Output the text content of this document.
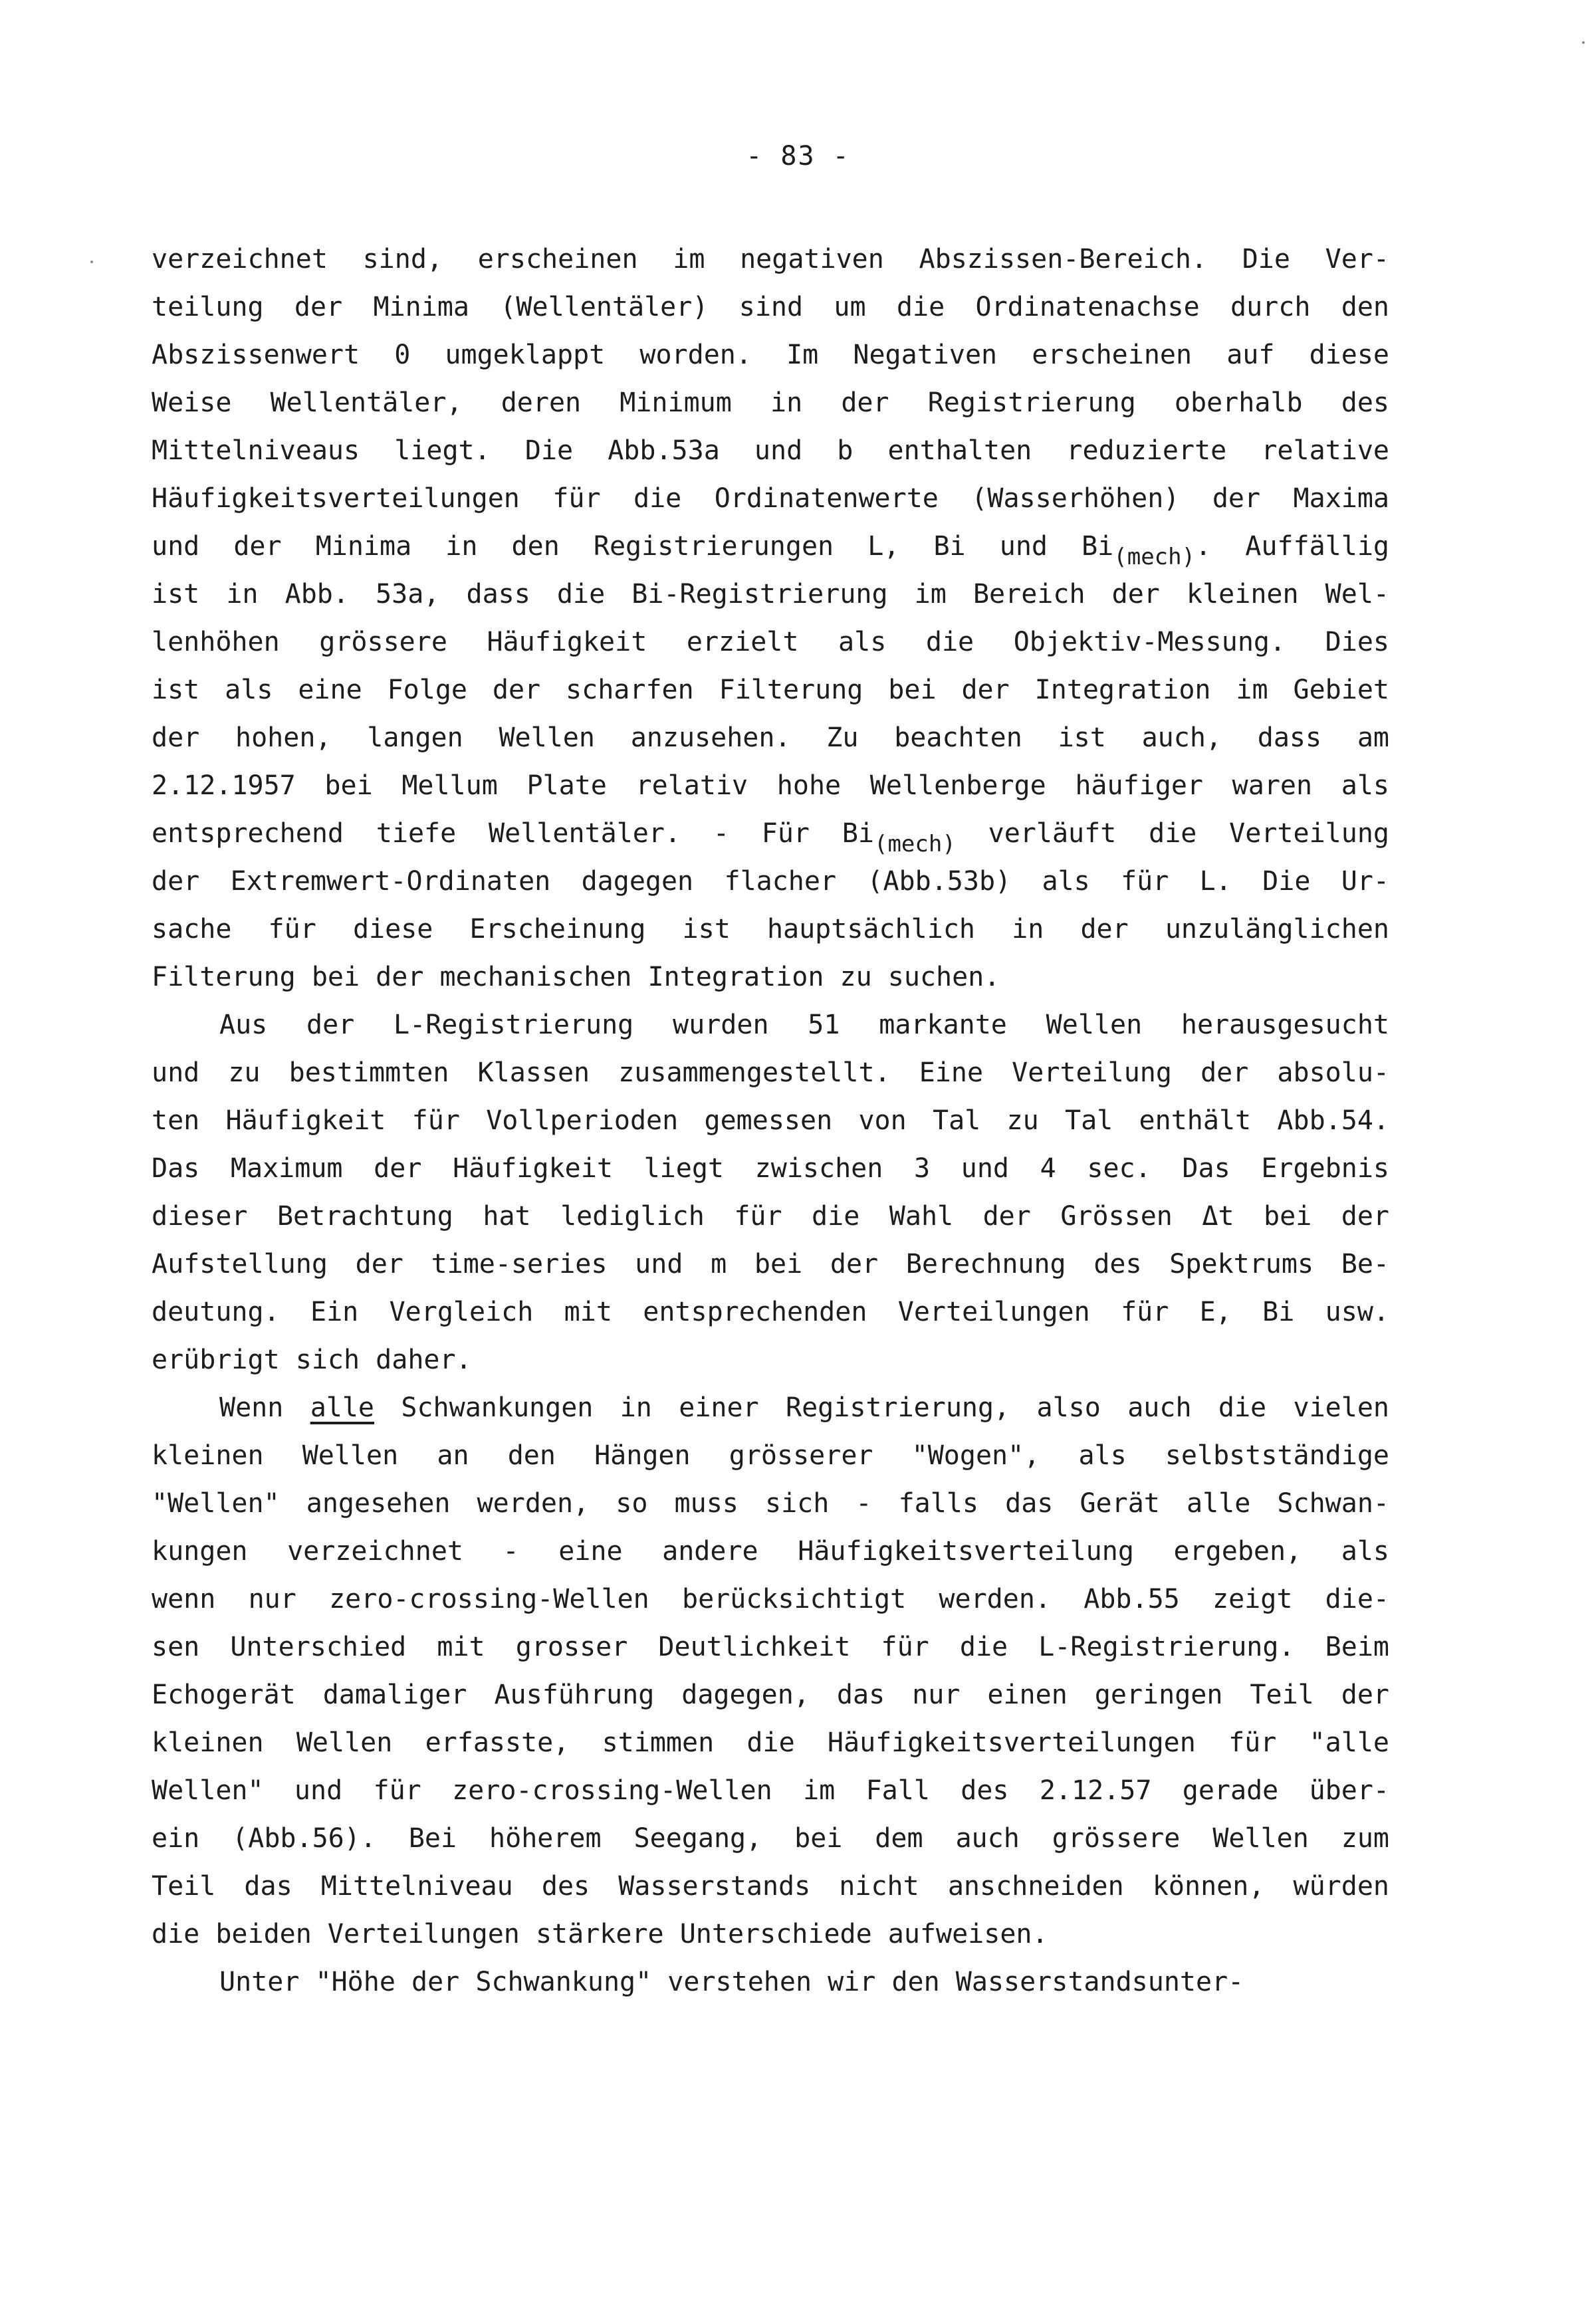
- 83 -
verzeichnet sind, erscheinen im negativen Abszissen-Bereich. Die Ver-
teilung der Minima (Wellentäler) sind um die Ordinatenachse durch den
Abszissenwert 0 umgeklappt worden. Im Negativen erscheinen auf diese
Weise Wellentäler, deren Minimum in der Registrierung oberhalb des
Mittelniveaus liegt. Die Abb.53a und b enthalten reduzierte relative
Häufigkeitsverteilungen für die Ordinatenwerte (Wasserhöhen) der Maxima
und der Minima in den Registrierungen L, Bi und $Bi_{(mech)}$. Auffällig
ist in Abb. 53a, dass die Bi-Registrierung im Bereich der kleinen Wel-
lenhöhen grössere Häufigkeit erzielt als die Objektiv-Messung. Dies
ist als eine Folge der scharfen Filterung bei der Integration im Gebiet
der hohen, langen Wellen anzusehen. Zu beachten ist auch, dass am
2.12.1957 bei Mellum Plate relativ hohe Wellenberge häufiger waren als
entsprechend tiefe Wellentäler. - Für $Bi_{(mech)}$ verläuft die Verteilung
der Extremwert-Ordinaten dagegen flacher (Abb.53b) als für L. Die Ur-
sache für diese Erscheinung ist hauptsächlich in der unzulänglichen
Filterung bei der mechanischen Integration zu suchen.
Aus der L-Registrierung wurden 51 markante Wellen herausgesucht
und zu bestimmten Klassen zusammengestellt. Eine Verteilung der absolu-
ten Häufigkeit für Vollperioden gemessen von Tal zu Tal enthält Abb.54.
Das Maximum der Häufigkeit liegt zwischen 3 und 4 sec. Das Ergebnis
dieser Betrachtung hat lediglich für die Wahl der Grössen Δt bei der
Aufstellung der time-series und m bei der Berechnung des Spektrums Be-
deutung. Ein Vergleich mit entsprechenden Verteilungen für E, Bi usw.
erübrigt sich daher.
Wenn alle Schwankungen in einer Registrierung, also auch die vielen
kleinen Wellen an den Hängen grösserer "Wogen", als selbstständige
"Wellen" angesehen werden, so muss sich - falls das Gerät alle Schwan-
kungen verzeichnet - eine andere Häufigkeitsverteilung ergeben, als
wenn nur zero-crossing-Wellen berücksichtigt werden. Abb.55 zeigt die-
sen Unterschied mit grosser Deutlichkeit für die L-Registrierung. Beim
Echogerät damaliger Ausführung dagegen, das nur einen geringen Teil der
kleinen Wellen erfasste, stimmen die Häufigkeitsverteilungen für "alle
Wellen" und für zero-crossing-Wellen im Fall des 2.12.57 gerade über-
ein (Abb.56). Bei höherem Seegang, bei dem auch grössere Wellen zum
Teil das Mittelniveau des Wasserstands nicht anschneiden können, würden
die beiden Verteilungen stärkere Unterschiede aufweisen.
Unter "Höhe der Schwankung" verstehen wir den Wasserstandsunter-
